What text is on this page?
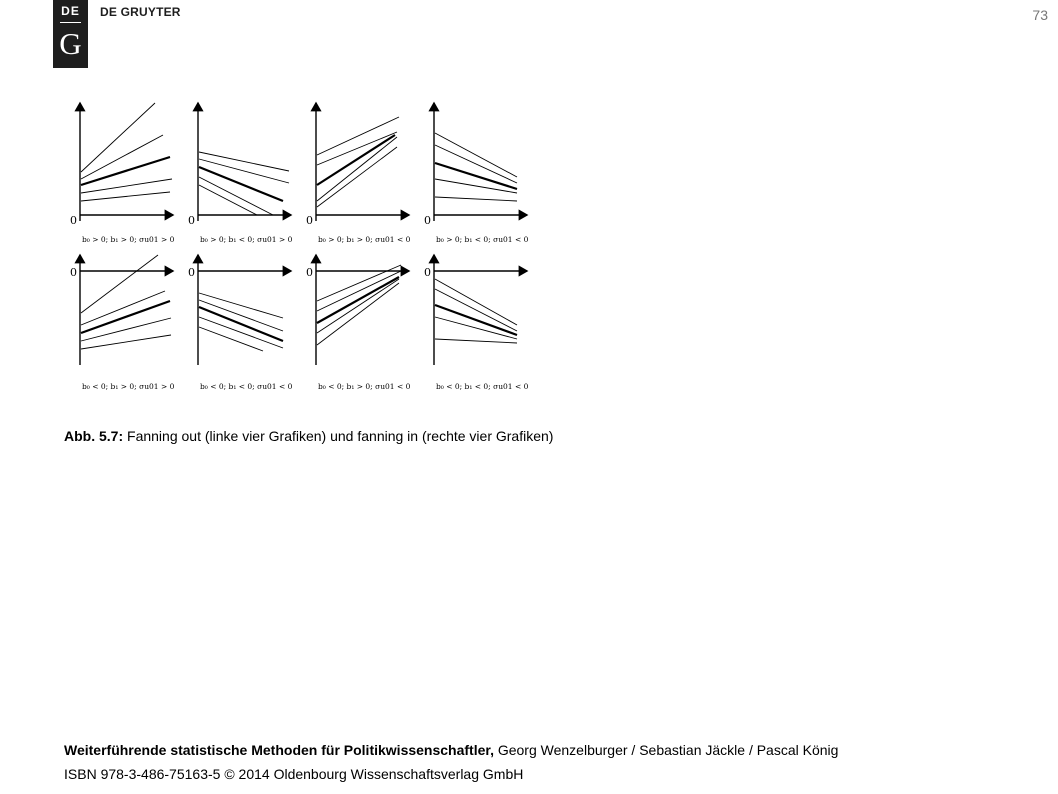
DE
G
DE GRUYTER	73
0
b₀ > 0; b₁ > 0; σu01 > 0
0
b₀ > 0; b₁ < 0; σu01 > 0
0
b₀ > 0; b₁ > 0; σu01 < 0
0
b₀ > 0; b₁ < 0; σu01 < 0
0
b₀ < 0; b₁ > 0; σu01 > 0
0
b₀ < 0; b₁ < 0; σu01 < 0
0
b₀ < 0; b₁ > 0; σu01 < 0
0
b₀ < 0; b₁ < 0; σu01 < 0
Abb. 5.7: Fanning out (linke vier Grafiken) und fanning in (rechte vier Grafiken)
Weiterführende statistische Methoden für Politikwissenschaftler, Georg Wenzelburger / Sebastian Jäckle / Pascal König
ISBN 978-3-486-75163-5 © 2014 Oldenbourg Wissenschaftsverlag GmbH
